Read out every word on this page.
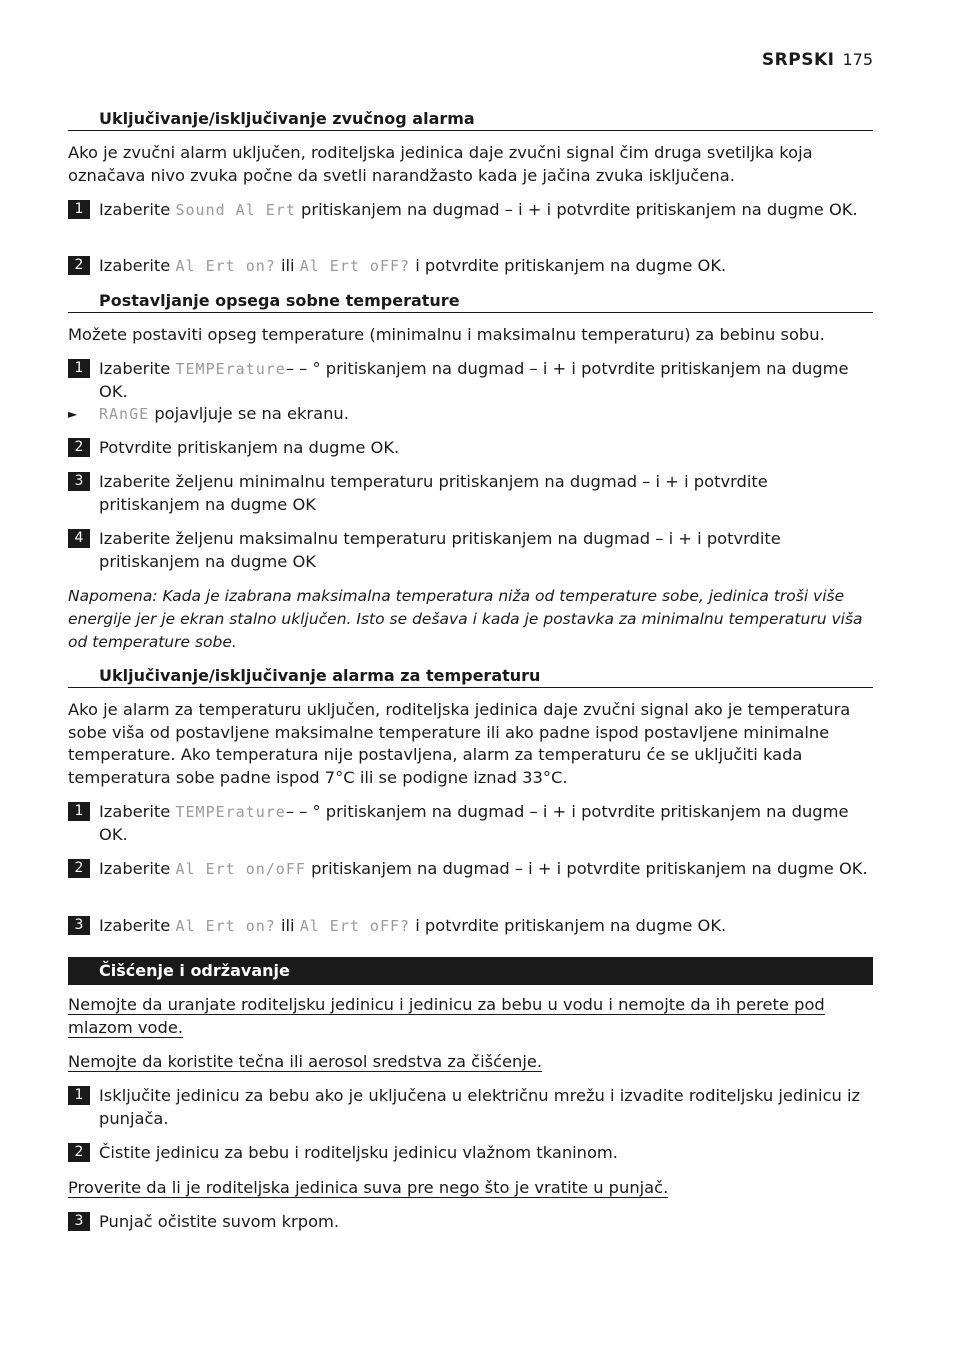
SRPSKI 175
Uključivanje/isključivanje zvučnog alarma
Ako je zvučni alarm uključen, roditeljska jedinica daje zvučni signal čim druga svetiljka koja označava nivo zvuka počne da svetli narandžasto kada je jačina zvuka isključena.
1 Izaberite Sound Al Ert pritiskanjem na dugmad – i + i potvrdite pritiskanjem na dugme OK.
2 Izaberite Al Ert on? ili Al Ert oFF? i potvrdite pritiskanjem na dugme OK.
Postavljanje opsega sobne temperature
Možete postaviti opseg temperature (minimalnu i maksimalnu temperaturu) za bebinu sobu.
1 Izaberite TEMPErature– – ° pritiskanjem na dugmad – i + i potvrdite pritiskanjem na dugme OK.
► RAnGE pojavljuje se na ekranu.
2 Potvrdite pritiskanjem na dugme OK.
3 Izaberite željenu minimalnu temperaturu pritiskanjem na dugmad – i + i potvrdite pritiskanjem na dugme OK
4 Izaberite željenu maksimalnu temperaturu pritiskanjem na dugmad – i + i potvrdite pritiskanjem na dugme OK
Napomena: Kada je izabrana maksimalna temperatura niža od temperature sobe, jedinica troši više energije jer je ekran stalno uključen. Isto se dešava i kada je postavka za minimalnu temperaturu viša od temperature sobe.
Uključivanje/isključivanje alarma za temperaturu
Ako je alarm za temperaturu uključen, roditeljska jedinica daje zvučni signal ako je temperatura sobe viša od postavljene maksimalne temperature ili ako padne ispod postavljene minimalne temperature. Ako temperatura nije postavljena, alarm za temperaturu će se uključiti kada temperatura sobe padne ispod 7°C ili se podigne iznad 33°C.
1 Izaberite TEMPErature– – ° pritiskanjem na dugmad – i + i potvrdite pritiskanjem na dugme OK.
2 Izaberite Al Ert on/oFF pritiskanjem na dugmad – i + i potvrdite pritiskanjem na dugme OK.
3 Izaberite Al Ert on? ili Al Ert oFF? i potvrdite pritiskanjem na dugme OK.
Čišćenje i održavanje
Nemojte da uranjate roditeljsku jedinicu i jedinicu za bebu u vodu i nemojte da ih perete pod mlazom vode.
Nemojte da koristite tečna ili aerosol sredstva za čišćenje.
1 Isključite jedinicu za bebu ako je uključena u električnu mrežu i izvadite roditeljsku jedinicu iz punjača.
2 Čistite jedinicu za bebu i roditeljsku jedinicu vlažnom tkaninom.
Proverite da li je roditeljska jedinica suva pre nego što je vratite u punjač.
3 Punjač očistite suvom krpom.
